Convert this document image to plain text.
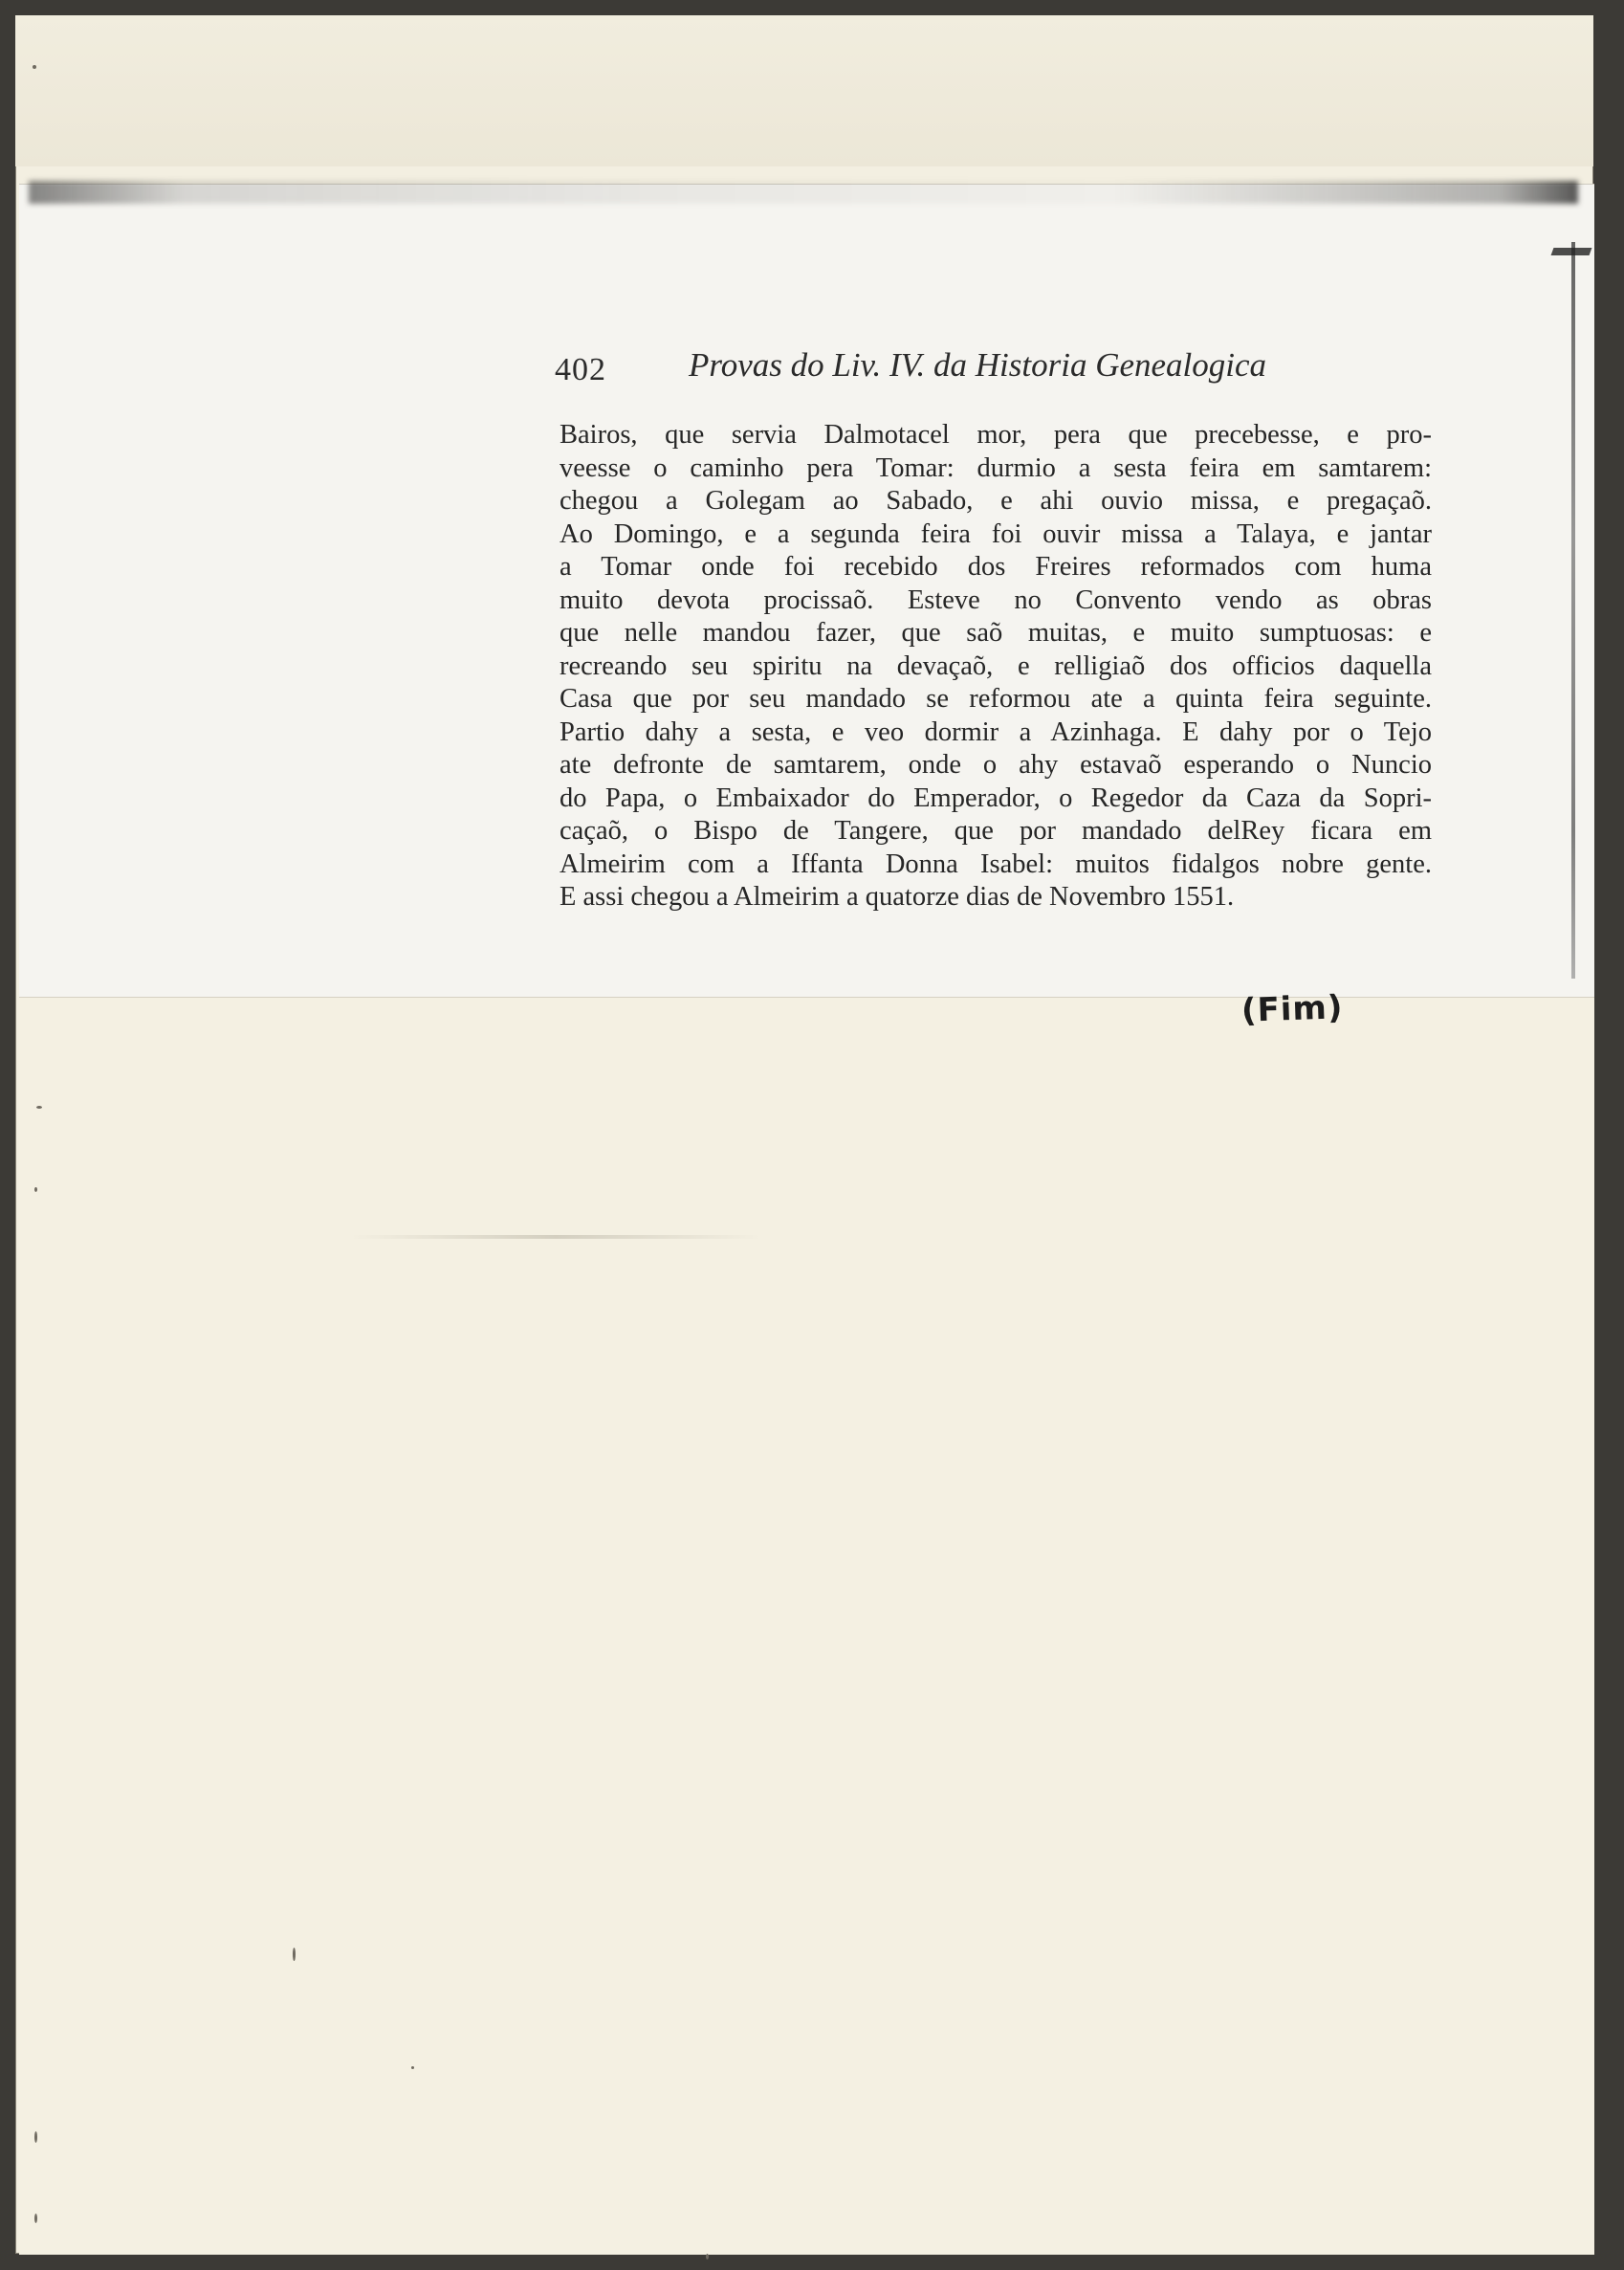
402 Provas do Liv. IV. da Historia Genealogica
Bairos, que servia Dalmotacel mor, pera que precebesse, e pro-
veesse o caminho pera Tomar: durmio a sesta feira em samtarem:
chegou a Golegam ao Sabado, e ahi ouvio missa, e pregaçaõ.
Ao Domingo, e a segunda feira foi ouvir missa a Talaya, e jantar
a Tomar onde foi recebido dos Freires reformados com huma
muito devota procissaõ. Esteve no Convento vendo as obras
que nelle mandou fazer, que saõ muitas, e muito sumptuosas: e
recreando seu spiritu na devaçaõ, e relligiaõ dos officios daquella
Casa que por seu mandado se reformou ate a quinta feira seguinte.
Partio dahy a sesta, e veo dormir a Azinhaga. E dahy por o Tejo
ate defronte de samtarem, onde o ahy estavaõ esperando o Nuncio
do Papa, o Embaixador do Emperador, o Regedor da Caza da Sopri-
caçaõ, o Bispo de Tangere, que por mandado delRey ficara em
Almeirim com a Iffanta Donna Isabel: muitos fidalgos nobre gente.
E assi chegou a Almeirim a quatorze dias de Novembro 1551.
(Fim)
